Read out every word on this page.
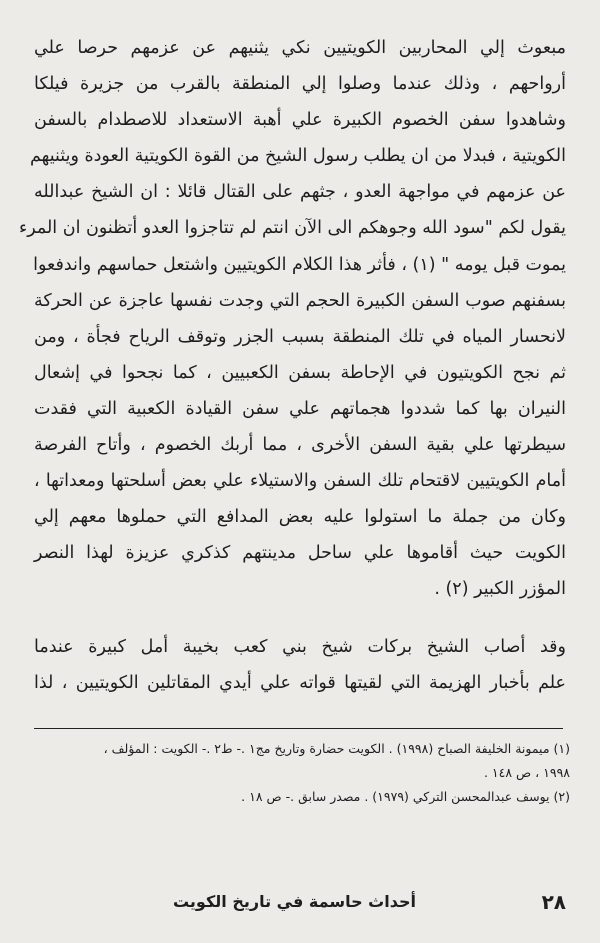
مبعوث إلي المحاربين الكويتيين نكي يثنيهم عن عزمهم حرصا علي
أرواحهم ، وذلك عندما وصلوا إلي المنطقة بالقرب من جزيرة فيلكا
وشاهدوا سفن الخصوم الكبيرة علي أهبة الاستعداد للاصطدام بالسفن
الكويتية ، فبدلا من ان يطلب رسول الشيخ من القوة الكويتية العودة ويثنيهم
عن عزمهم في مواجهة العدو ، جثهم على القتال قائلا : ان الشيخ عبدالله
يقول لكم "سود الله وجوهكم الى الآن انتم لم تتاجزوا العدو أتظنون ان المرء
يموت قبل يومه " (١) ، فأثر هذا الكلام الكويتيين واشتعل حماسهم واندفعوا
بسفنهم صوب السفن الكبيرة الحجم التي وجدت نفسها عاجزة عن الحركة
لانحسار المياه في تلك المنطقة بسبب الجزر وتوقف الرياح فجأة ، ومن
ثم نجح الكويتيون في الإحاطة بسفن الكعبيين ، كما نجحوا في إشعال
النيران بها كما شددوا هجماتهم علي سفن القيادة الكعبية التي فقدت
سيطرتها علي بقية السفن الأخرى ، مما أربك الخصوم ، وأتاح الفرصة
أمام الكويتيين لاقتحام تلك السفن والاستيلاء علي بعض أسلحتها ومعداتها ،
وكان من جملة ما استولوا عليه بعض المدافع التي حملوها معهم إلي
الكويت حيث أقاموها علي ساحل مدينتهم كذكري عزيزة لهذا النصر
المؤزر الكبير (٢) .
وقد أصاب الشيخ بركات شيخ بني كعب بخيبة أمل كبيرة عندما
علم بأخبار الهزيمة التي لقيتها قواته علي أيدي المقاتلين الكويتيين ، لذا
(١) ميمونة الخليفة الصباح (١٩٩٨) . الكويت حضارة وتاريخ مج١ .- ط٢ .- الكويت : المؤلف ،
١٩٩٨ ، ص ١٤٨ .
(٢) يوسف عبدالمحسن التركي (١٩٧٩) . مصدر سابق .- ص ١٨ .
٢٨
أحداث حاسمة في تاريخ الكويت
